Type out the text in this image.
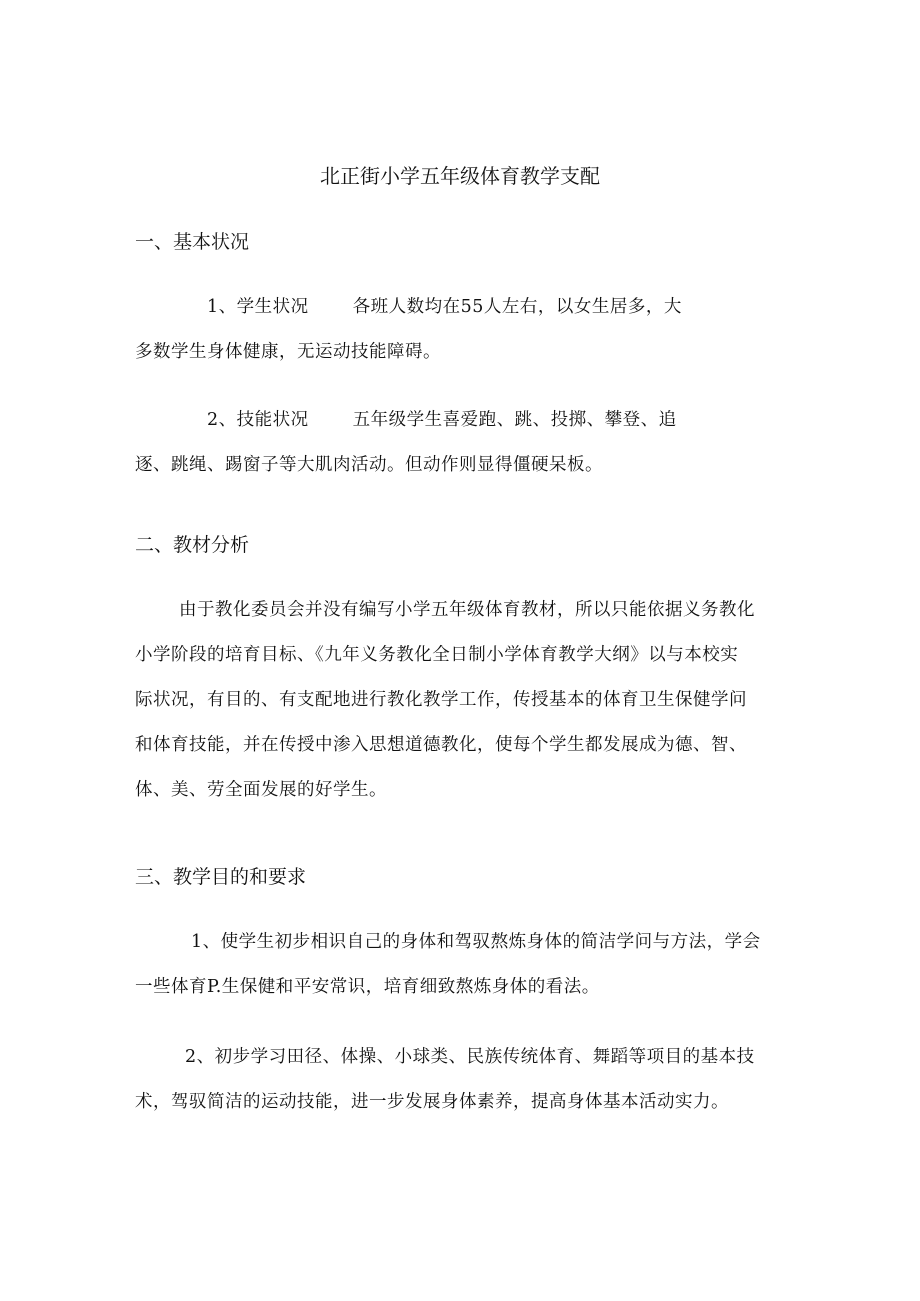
北正街小学五年级体育教学支配
一、基本状况
1、学生状况	各班人数均在55人左右，以女生居多，大
多数学生身体健康，无运动技能障碍。
2、技能状况	五年级学生喜爱跑、跳、投掷、攀登、追
逐、跳绳、踢窗子等大肌肉活动。但动作则显得僵硬呆板。
二、教材分析
由于教化委员会并没有编写小学五年级体育教材，所以只能依据义务教化
小学阶段的培育目标、《九年义务教化全日制小学体育教学大纲》以与本校实
际状况，有目的、有支配地进行教化教学工作，传授基本的体育卫生保健学问
和体育技能，并在传授中渗入思想道德教化，使每个学生都发展成为德、智、
体、美、劳全面发展的好学生。
三、教学目的和要求
1、使学生初步相识自己的身体和驾驭熬炼身体的简洁学问与方法，学会
一些体育P.生保健和平安常识，培育细致熬炼身体的看法。
2、初步学习田径、体操、小球类、民族传统体育、舞蹈等项目的基本技
术，驾驭简洁的运动技能，进一步发展身体素养，提高身体基本活动实力。
